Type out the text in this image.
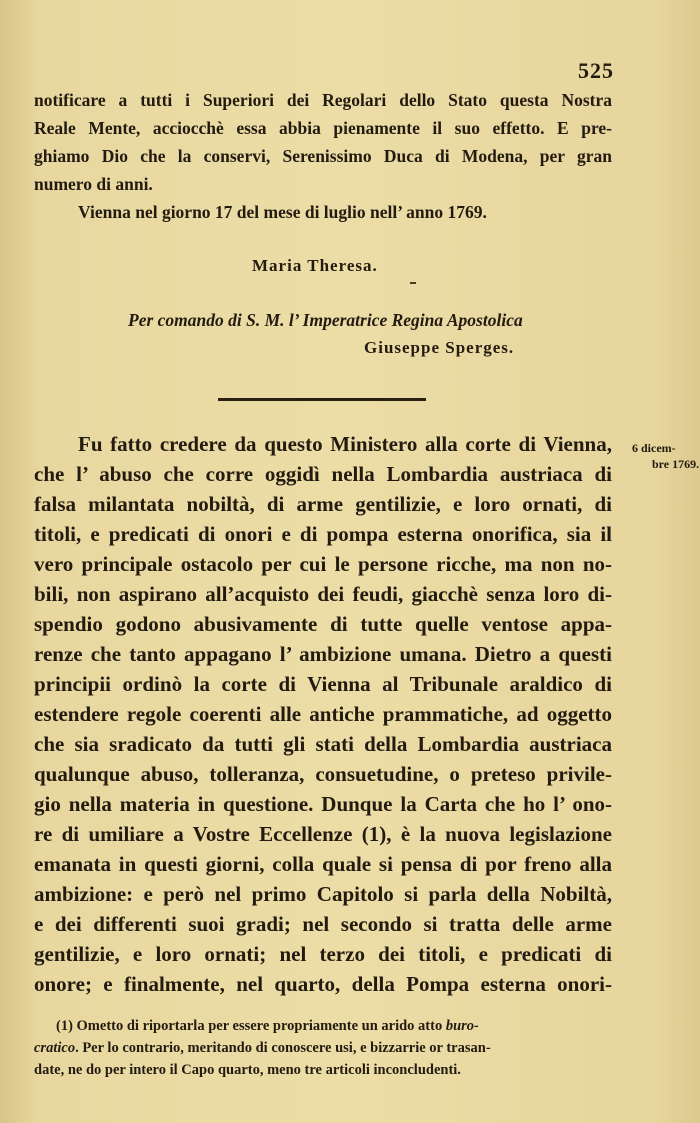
525
notificare a tutti i Superiori dei Regolari dello Stato questa Nostra
Reale Mente, acciocchè essa abbia pienamente il suo effetto. E pre-
ghiamo Dio che la conservi, Serenissimo Duca di Modena, per gran
numero di anni.
Vienna nel giorno 17 del mese di luglio nell’ anno 1769.
Maria Theresa.
Per comando di S. M. l’ Imperatrice Regina Apostolica
Giuseppe Sperges.
6 dicem-
bre 1769.
Fu fatto credere da questo Ministero alla corte di Vienna,
che l’ abuso che corre oggidì nella Lombardia austriaca di
falsa milantata nobiltà, di arme gentilizie, e loro ornati, di
titoli, e predicati di onori e di pompa esterna onorifica, sia il
vero principale ostacolo per cui le persone ricche, ma non no-
bili, non aspirano all’acquisto dei feudi, giacchè senza loro di-
spendio godono abusivamente di tutte quelle ventose appa-
renze che tanto appagano l’ ambizione umana. Dietro a questi
principii ordinò la corte di Vienna al Tribunale araldico di
estendere regole coerenti alle antiche prammatiche, ad oggetto
che sia sradicato da tutti gli stati della Lombardia austriaca
qualunque abuso, tolleranza, consuetudine, o preteso privile-
gio nella materia in questione. Dunque la Carta che ho l’ ono-
re di umiliare a Vostre Eccellenze (1), è la nuova legislazione
emanata in questi giorni, colla quale si pensa di por freno alla
ambizione: e però nel primo Capitolo si parla della Nobiltà,
e dei differenti suoi gradi; nel secondo si tratta delle arme
gentilizie, e loro ornati; nel terzo dei titoli, e predicati di
onore; e finalmente, nel quarto, della Pompa esterna onori-
(1) Ometto di riportarla per essere propriamente un arido atto buro-
cratico. Per lo contrario, meritando di conoscere usi, e bizzarrie or trasan-
date, ne do per intero il Capo quarto, meno tre articoli inconcludenti.
